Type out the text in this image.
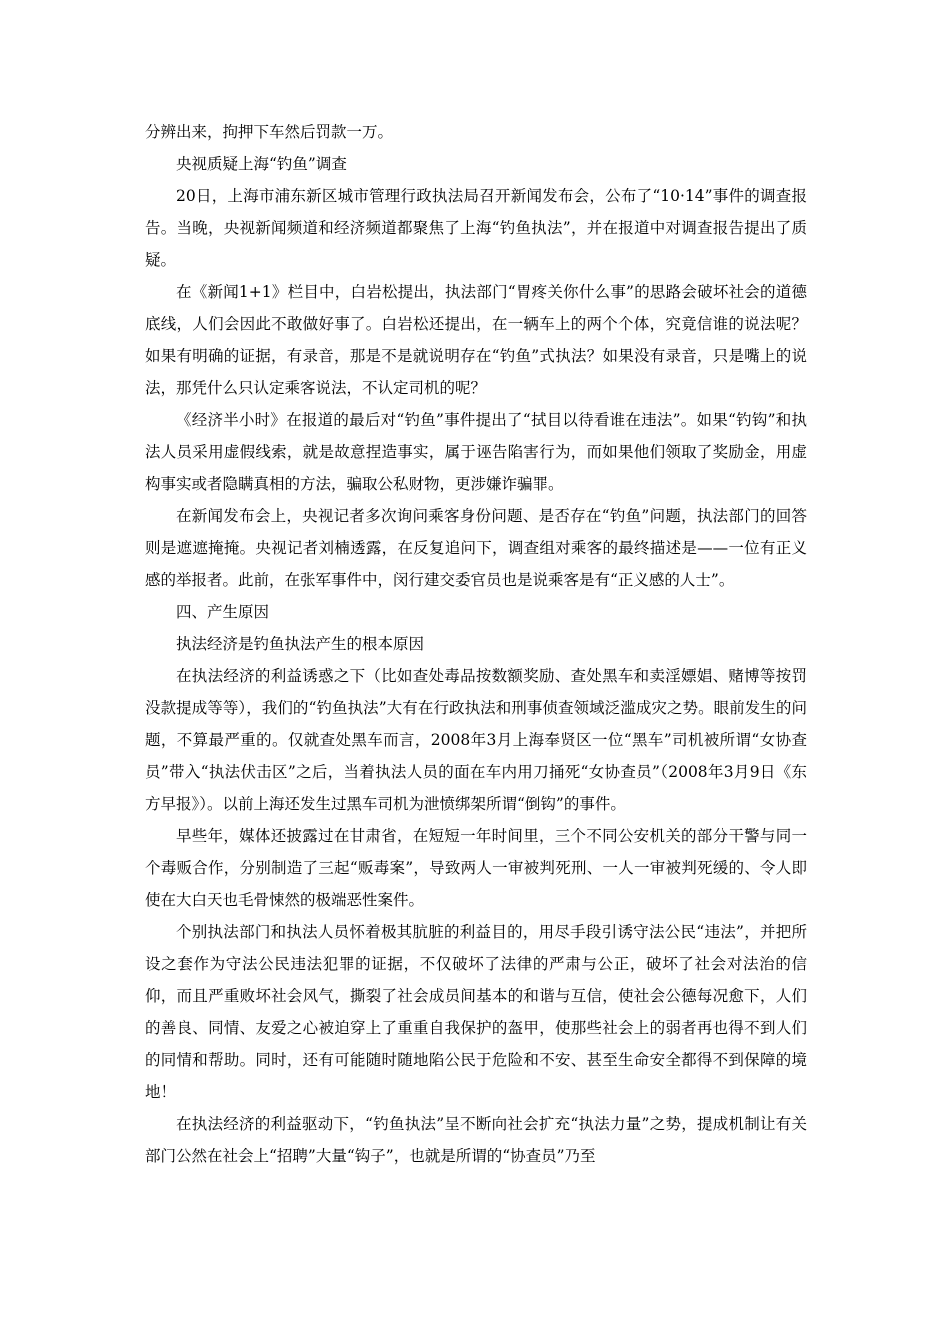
分辨出来，拘押下车然后罚款一万。

央视质疑上海“钓鱼”调查

20日，上海市浦东新区城市管理行政执法局召开新闻发布会，公布了“10·14”事件的调查报告。当晚，央视新闻频道和经济频道都聚焦了上海“钓鱼执法”，并在报道中对调查报告提出了质疑。

在《新闻1+1》栏目中，白岩松提出，执法部门“胃疼关你什么事”的思路会破坏社会的道德底线，人们会因此不敢做好事了。白岩松还提出，在一辆车上的两个个体，究竟信谁的说法呢？如果有明确的证据，有录音，那是不是就说明存在“钓鱼”式执法？如果没有录音，只是嘴上的说法，那凭什么只认定乘客说法，不认定司机的呢？

《经济半小时》在报道的最后对“钓鱼”事件提出了“拭目以待看谁在违法”。如果“钓钩”和执法人员采用虚假线索，就是故意捏造事实，属于诬告陷害行为，而如果他们领取了奖励金，用虚构事实或者隐瞒真相的方法，骗取公私财物，更涉嫌诈骗罪。

在新闻发布会上，央视记者多次询问乘客身份问题、是否存在“钓鱼”问题，执法部门的回答则是遮遮掩掩。央视记者刘楠透露，在反复追问下，调查组对乘客的最终描述是——一位有正义感的举报者。此前，在张军事件中，闵行建交委官员也是说乘客是有“正义感的人士”。

四、产生原因

执法经济是钓鱼执法产生的根本原因

在执法经济的利益诱惑之下（比如查处毒品按数额奖励、查处黑车和卖淫嫖娼、赌博等按罚没款提成等等），我们的“钓鱼执法”大有在行政执法和刑事侦查领域泛滥成灾之势。眼前发生的问题，不算最严重的。仅就查处黑车而言，2008年3月上海奉贤区一位“黑车”司机被所谓“女协查员”带入“执法伏击区”之后，当着执法人员的面在车内用刀捅死“女协查员”（2008年3月9日《东方早报》）。以前上海还发生过黑车司机为泄愤绑架所谓“倒钩”的事件。

早些年，媒体还披露过在甘肃省，在短短一年时间里，三个不同公安机关的部分干警与同一个毒贩合作，分别制造了三起“贩毒案”，导致两人一审被判死刑、一人一审被判死缓的、令人即使在大白天也毛骨悚然的极端恶性案件。

个别执法部门和执法人员怀着极其肮脏的利益目的，用尽手段引诱守法公民“违法”，并把所设之套作为守法公民违法犯罪的证据，不仅破坏了法律的严肃与公正，破坏了社会对法治的信仰，而且严重败坏社会风气，撕裂了社会成员间基本的和谐与互信，使社会公德每况愈下，人们的善良、同情、友爱之心被迫穿上了重重自我保护的盔甲，使那些社会上的弱者再也得不到人们的同情和帮助。同时，还有可能随时随地陷公民于危险和不安、甚至生命安全都得不到保障的境地！

在执法经济的利益驱动下，“钓鱼执法”呈不断向社会扩充“执法力量”之势，提成机制让有关部门公然在社会上“招聘”大量“钩子”，也就是所谓的“协查员”乃至
